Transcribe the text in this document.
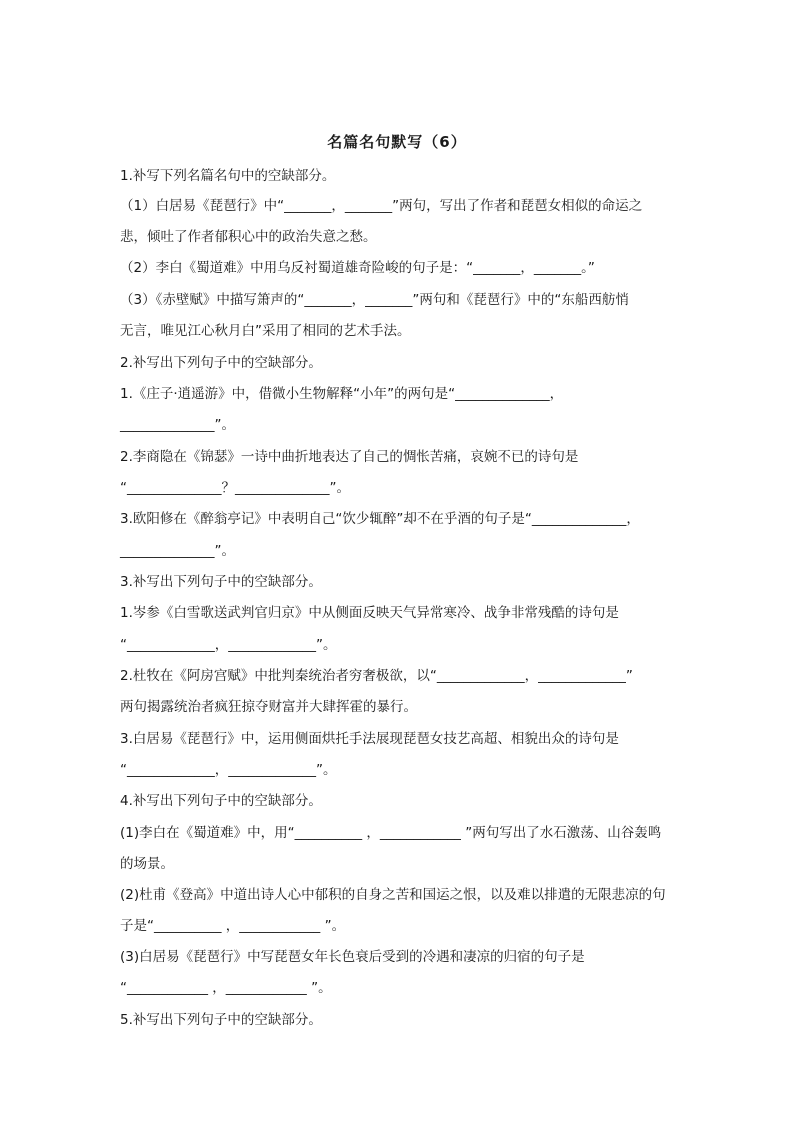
名篇名句默写（6）
1.补写下列名篇名句中的空缺部分。
（1）白居易《琵琶行》中“_______，_______”两句，写出了作者和琵琶女相似的命运之
悲，倾吐了作者郁积心中的政治失意之愁。
（2）李白《蜀道难》中用乌反衬蜀道雄奇险峻的句子是：“_______，_______。”
（3）《赤壁赋》中描写箫声的“_______，_______”两句和《琵琶行》中的“东船西舫悄
无言，唯见江心秋月白”采用了相同的艺术手法。
2.补写出下列句子中的空缺部分。
1.《庄子·逍遥游》中，借微小生物解释“小年”的两句是“______________，
______________”。
2.李商隐在《锦瑟》一诗中曲折地表达了自己的惆怅苦痛，哀婉不已的诗句是
“______________？______________”。
3.欧阳修在《醉翁亭记》中表明自己“饮少辄醉”却不在乎酒的句子是“______________，
______________”。
3.补写出下列句子中的空缺部分。
1.岑参《白雪歌送武判官归京》中从侧面反映天气异常寒冷、战争非常残酷的诗句是
“_____________，_____________”。
2.杜牧在《阿房宫赋》中批判秦统治者穷奢极欲，以“_____________，_____________”
两句揭露统治者疯狂掠夺财富并大肆挥霍的暴行。
3.白居易《琵琶行》中，运用侧面烘托手法展现琵琶女技艺高超、相貌出众的诗句是
“_____________，_____________”。
4.补写出下列句子中的空缺部分。
(1)李白在《蜀道难》中，用“__________ ，____________ ”两句写出了水石激荡、山谷轰鸣
的场景。
(2)杜甫《登高》中道出诗人心中郁积的自身之苦和国运之恨，以及难以排遣的无限悲凉的句
子是“__________ ，____________ ”。
(3)白居易《琵琶行》中写琵琶女年长色衰后受到的冷遇和凄凉的归宿的句子是
“____________ ，____________ ”。
5.补写出下列句子中的空缺部分。
